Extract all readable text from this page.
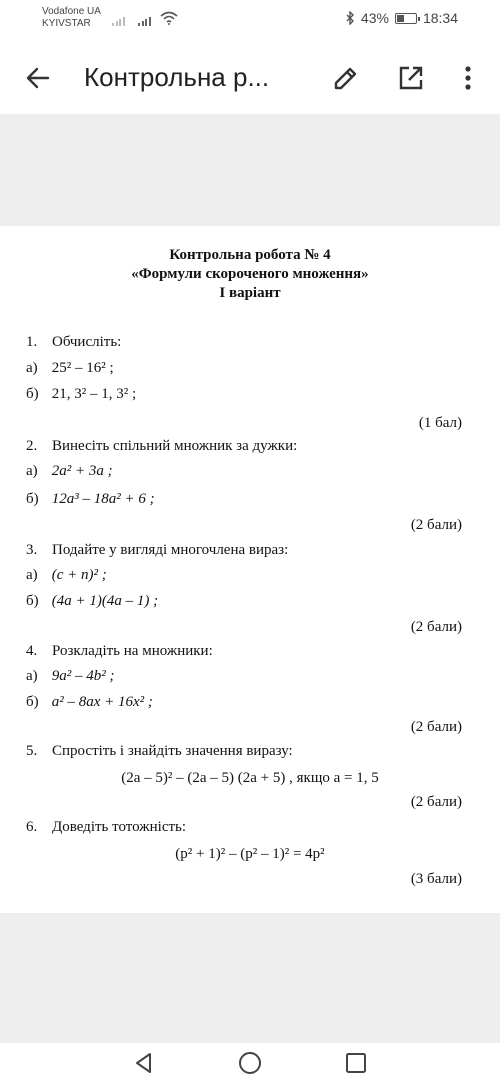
Vodafone UA
KYIVSTAR	43% 18:34
Контрольна р...
Контрольна робота № 4
«Формули скороченого множення»
І варіант
1. Обчисліть:
а) 25² – 16² ;
б) 21, 3² – 1, 3² ;
(1 бал)
2. Винесіть спільний множник за дужки:
а) 2a² + 3a ;
б) 12a³ – 18a² + 6 ;
(2 бали)
3. Подайте у вигляді многочлена вираз:
а) (c + n)² ;
б) (4a + 1)(4a – 1) ;
(2 бали)
4. Розкладіть на множники:
а) 9a² – 4b² ;
б) a² – 8ax + 16x² ;
(2 бали)
5. Спростіть і знайдіть значення виразу:
(2a – 5)² – (2a – 5) (2a + 5) , якщо a = 1, 5
(2 бали)
6. Доведіть тотожність:
(p² + 1)² – (p² – 1)² = 4p²
(3 бали)
